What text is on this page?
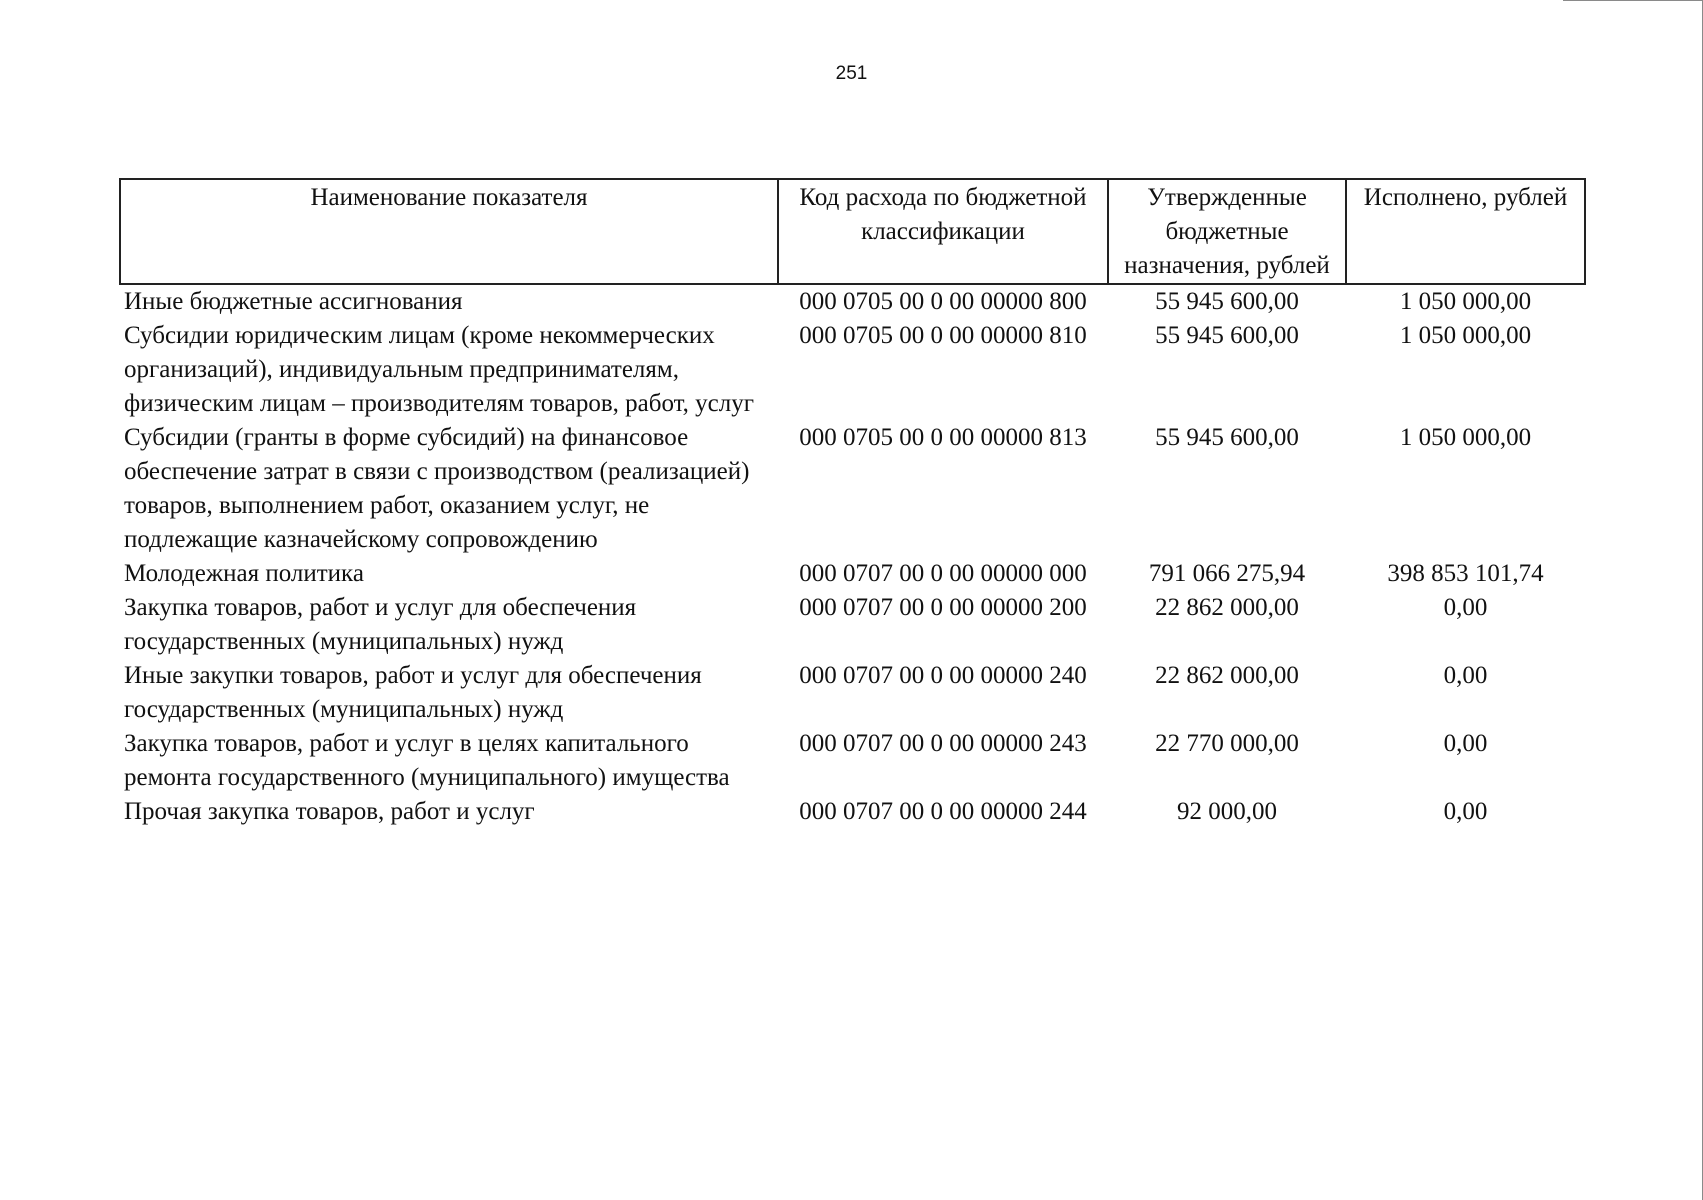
251
Наименование показателя	Код расхода по бюджетной классификации	Утвержденные бюджетные назначения, рублей	Исполнено, рублей
Иные бюджетные ассигнования	000 0705 00 0 00 00000 800	55 945 600,00	1 050 000,00
Субсидии юридическим лицам (кроме некоммерческих организаций), индивидуальным предпринимателям, физическим лицам – производителям товаров, работ, услуг	000 0705 00 0 00 00000 810	55 945 600,00	1 050 000,00
Субсидии (гранты в форме субсидий) на финансовое обеспечение затрат в связи с производством (реализацией) товаров, выполнением работ, оказанием услуг, не подлежащие казначейскому сопровождению	000 0705 00 0 00 00000 813	55 945 600,00	1 050 000,00
Молодежная политика	000 0707 00 0 00 00000 000	791 066 275,94	398 853 101,74
Закупка товаров, работ и услуг для обеспечения государственных (муниципальных) нужд	000 0707 00 0 00 00000 200	22 862 000,00	0,00
Иные закупки товаров, работ и услуг для обеспечения государственных (муниципальных) нужд	000 0707 00 0 00 00000 240	22 862 000,00	0,00
Закупка товаров, работ и услуг в целях капитального ремонта государственного (муниципального) имущества	000 0707 00 0 00 00000 243	22 770 000,00	0,00
Прочая закупка товаров, работ и услуг	000 0707 00 0 00 00000 244	92 000,00	0,00
